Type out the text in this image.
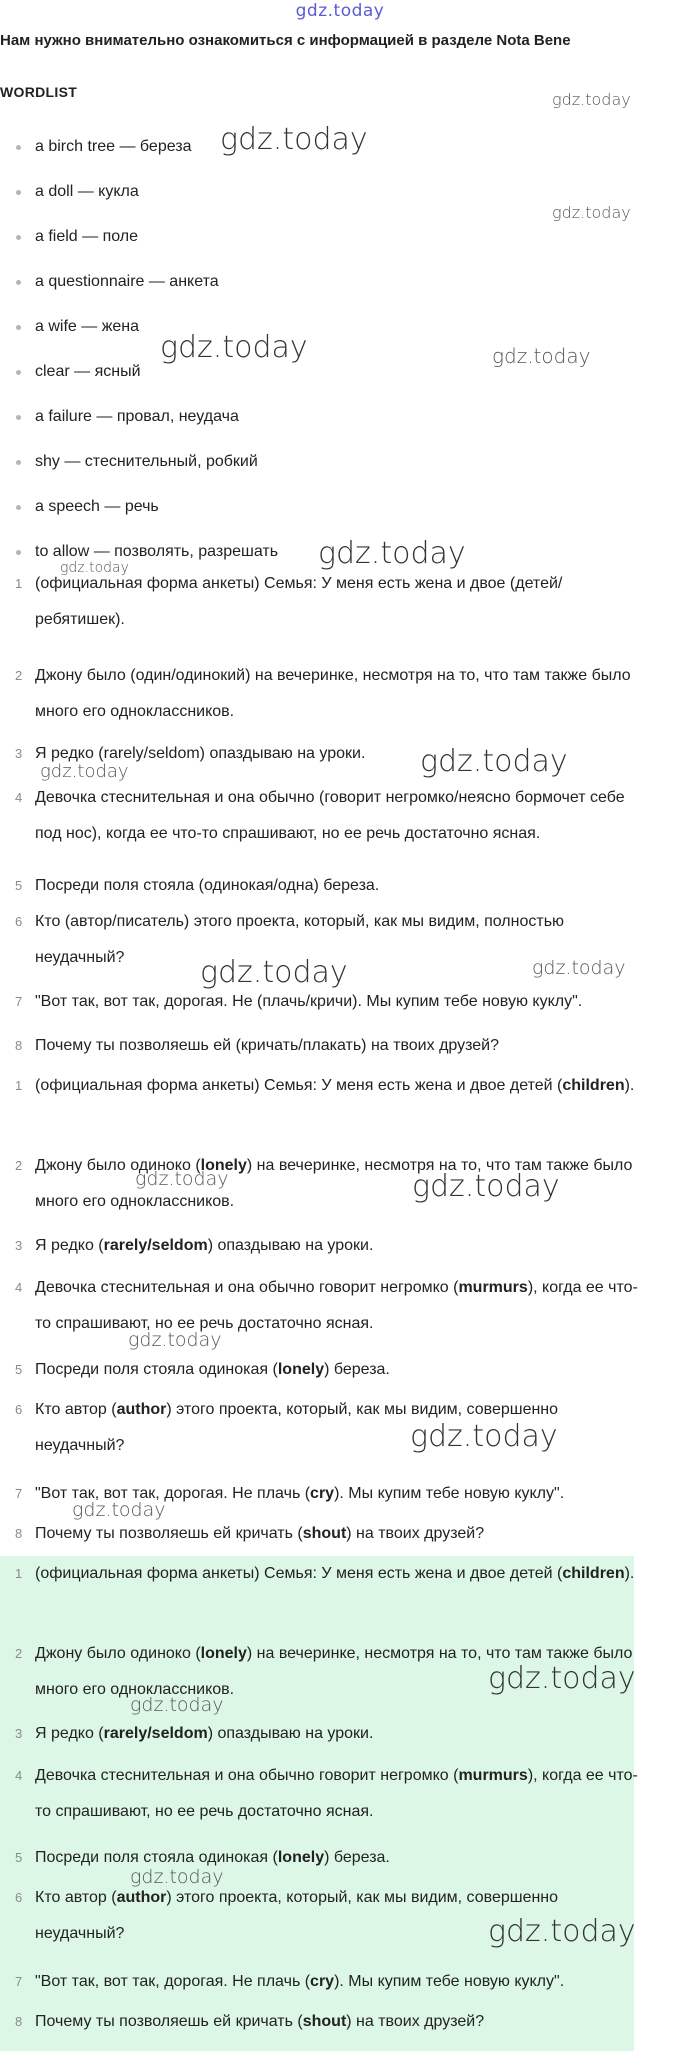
gdz.today
Нам нужно внимательно ознакомиться с информацией в разделе Nota Bene
WORDLIST
a birch tree — береза
a doll — кукла
a field — поле
a questionnaire — анкета
a wife — жена
clear — ясный
a failure — провал, неудача
shy — стеснительный, робкий
a speech — речь
to allow — позволять, разрешать
1 (официальная форма анкеты) Семья: У меня есть жена и двое (детей/ ребятишек).
2 Джону было (один/одинокий) на вечеринке, несмотря на то, что там также было много его одноклассников.
3 Я редко (rarely/seldom) опаздываю на уроки.
4 Девочка стеснительная и она обычно (говорит негромко/неясно бормочет себе под нос), когда ее что-то спрашивают, но ее речь достаточно ясная.
5 Посреди поля стояла (одинокая/одна) береза.
6 Кто (автор/писатель) этого проекта, который, как мы видим, полностью неудачный?
7 "Вот так, вот так, дорогая. Не (плачь/кричи). Мы купим тебе новую куклу".
8 Почему ты позволяешь ей (кричать/плакать) на твоих друзей?
1 (официальная форма анкеты) Семья: У меня есть жена и двое детей (children).
2 Джону было одиноко (lonely) на вечеринке, несмотря на то, что там также было много его одноклассников.
3 Я редко (rarely/seldom) опаздываю на уроки.
4 Девочка стеснительная и она обычно говорит негромко (murmurs), когда ее что-то спрашивают, но ее речь достаточно ясная.
5 Посреди поля стояла одинокая (lonely) береза.
6 Кто автор (author) этого проекта, который, как мы видим, совершенно неудачный?
7 "Вот так, вот так, дорогая. Не плачь (cry). Мы купим тебе новую куклу".
8 Почему ты позволяешь ей кричать (shout) на твоих друзей?
1 (официальная форма анкеты) Семья: У меня есть жена и двое детей (children).
2 Джону было одиноко (lonely) на вечеринке, несмотря на то, что там также было много его одноклассников.
3 Я редко (rarely/seldom) опаздываю на уроки.
4 Девочка стеснительная и она обычно говорит негромко (murmurs), когда ее что-то спрашивают, но ее речь достаточно ясная.
5 Посреди поля стояла одинокая (lonely) береза.
6 Кто автор (author) этого проекта, который, как мы видим, совершенно неудачный?
7 "Вот так, вот так, дорогая. Не плачь (cry). Мы купим тебе новую куклу".
8 Почему ты позволяешь ей кричать (shout) на твоих друзей?
gdz.today
gdz.today
gdz.today
gdz.today	gdz.today
gdz.today
gdz.today
gdz.today
gdz.today
gdz.today	gdz.today
gdz.today
gdz.today
gdz.today
gdz.today
gdz.today
gdz.today
gdz.today
gdz.today
gdz.today
